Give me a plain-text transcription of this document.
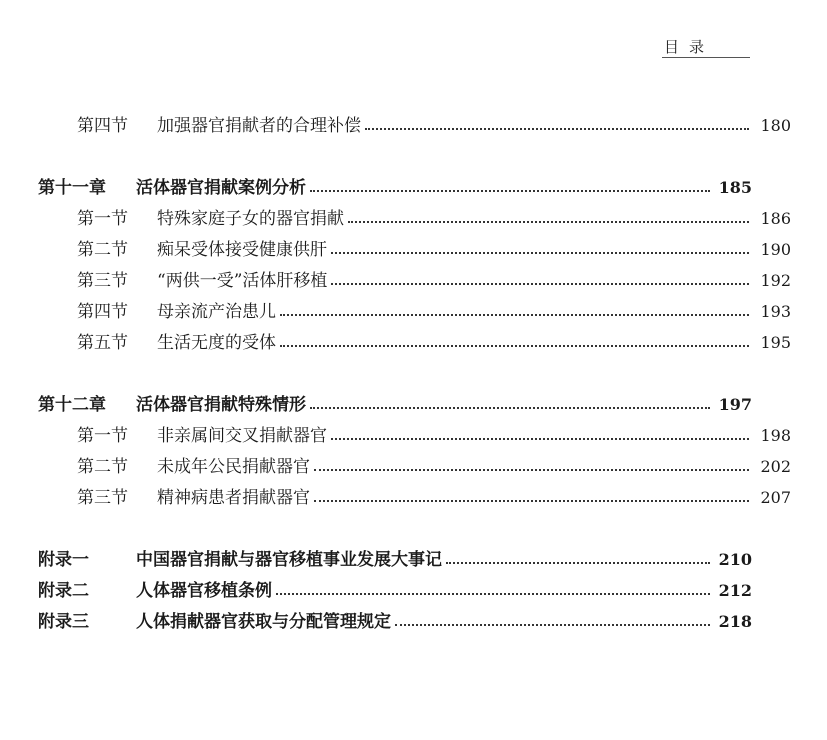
目录
第四节	加强器官捐献者的合理补偿	180
第十一章	活体器官捐献案例分析	185
第一节	特殊家庭子女的器官捐献	186
第二节	痴呆受体接受健康供肝	190
第三节	“两供一受”活体肝移植	192
第四节	母亲流产治患儿	193
第五节	生活无度的受体	195
第十二章	活体器官捐献特殊情形	197
第一节	非亲属间交叉捐献器官	198
第二节	未成年公民捐献器官	202
第三节	精神病患者捐献器官	207
附录一	中国器官捐献与器官移植事业发展大事记	210
附录二	人体器官移植条例	212
附录三	人体捐献器官获取与分配管理规定	218
